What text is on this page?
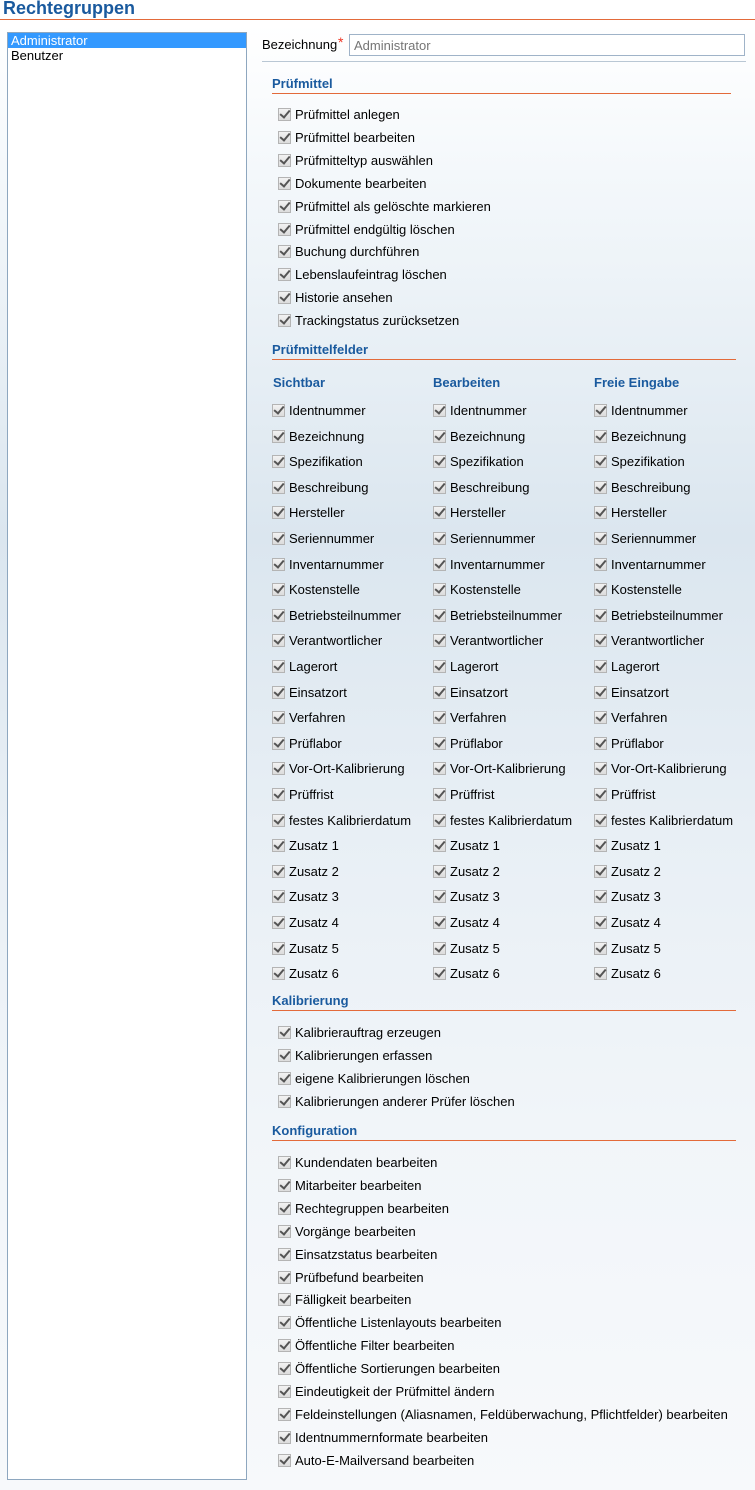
Rechtegruppen
Administrator
Benutzer
Bezeichnung *
Administrator
Prüfmittel
Prüfmittel anlegen
Prüfmittel bearbeiten
Prüfmitteltyp auswählen
Dokumente bearbeiten
Prüfmittel als gelöschte markieren
Prüfmittel endgültig löschen
Buchung durchführen
Lebenslaufeintrag löschen
Historie ansehen
Trackingstatus zurücksetzen
Prüfmittelfelder
Sichtbar	Bearbeiten	Freie Eingabe
Identnummer	Identnummer	Identnummer
Bezeichnung	Bezeichnung	Bezeichnung
Spezifikation	Spezifikation	Spezifikation
Beschreibung	Beschreibung	Beschreibung
Hersteller	Hersteller	Hersteller
Seriennummer	Seriennummer	Seriennummer
Inventarnummer	Inventarnummer	Inventarnummer
Kostenstelle	Kostenstelle	Kostenstelle
Betriebsteilnummer	Betriebsteilnummer	Betriebsteilnummer
Verantwortlicher	Verantwortlicher	Verantwortlicher
Lagerort	Lagerort	Lagerort
Einsatzort	Einsatzort	Einsatzort
Verfahren	Verfahren	Verfahren
Prüflabor	Prüflabor	Prüflabor
Vor-Ort-Kalibrierung	Vor-Ort-Kalibrierung	Vor-Ort-Kalibrierung
Prüffrist	Prüffrist	Prüffrist
festes Kalibrierdatum	festes Kalibrierdatum	festes Kalibrierdatum
Zusatz 1	Zusatz 1	Zusatz 1
Zusatz 2	Zusatz 2	Zusatz 2
Zusatz 3	Zusatz 3	Zusatz 3
Zusatz 4	Zusatz 4	Zusatz 4
Zusatz 5	Zusatz 5	Zusatz 5
Zusatz 6	Zusatz 6	Zusatz 6
Kalibrierung
Kalibrierauftrag erzeugen
Kalibrierungen erfassen
eigene Kalibrierungen löschen
Kalibrierungen anderer Prüfer löschen
Konfiguration
Kundendaten bearbeiten
Mitarbeiter bearbeiten
Rechtegruppen bearbeiten
Vorgänge bearbeiten
Einsatzstatus bearbeiten
Prüfbefund bearbeiten
Fälligkeit bearbeiten
Öffentliche Listenlayouts bearbeiten
Öffentliche Filter bearbeiten
Öffentliche Sortierungen bearbeiten
Eindeutigkeit der Prüfmittel ändern
Feldeinstellungen (Aliasnamen, Feldüberwachung, Pflichtfelder) bearbeiten
Identnummernformate bearbeiten
Auto-E-Mailversand bearbeiten
